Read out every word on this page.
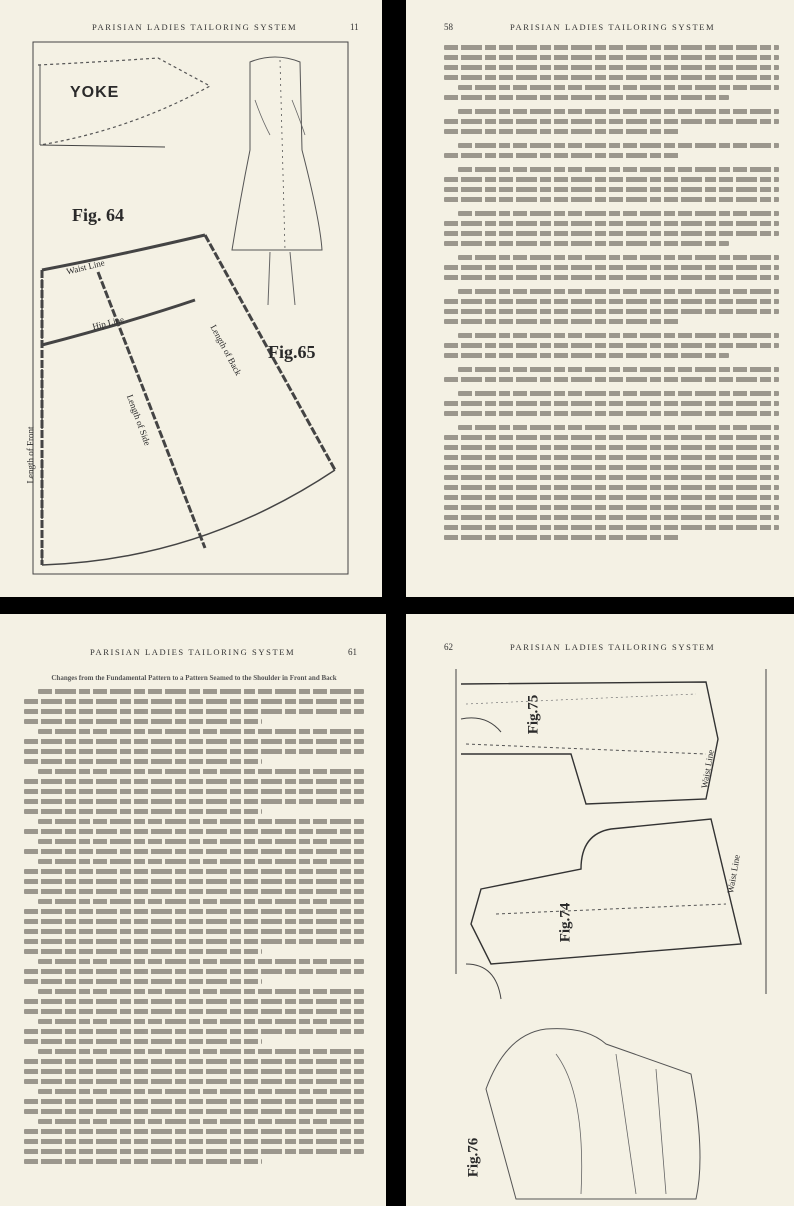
PARISIAN LADIES TAILORING SYSTEM	11
YOKE
Fig. 64
Fig.65
Waist Line
Hip Line	Length of Back
Length of Side
Length of Front
58	PARISIAN LADIES TAILORING SYSTEM
PARISIAN LADIES TAILORING SYSTEM	61
Changes from the Fundamental Pattern to a Pattern Seamed to the Shoulder in Front and Back
62	PARISIAN LADIES TAILORING SYSTEM
Fig.75
Fig.74
Fig.76
Waist Line
Waist Line
